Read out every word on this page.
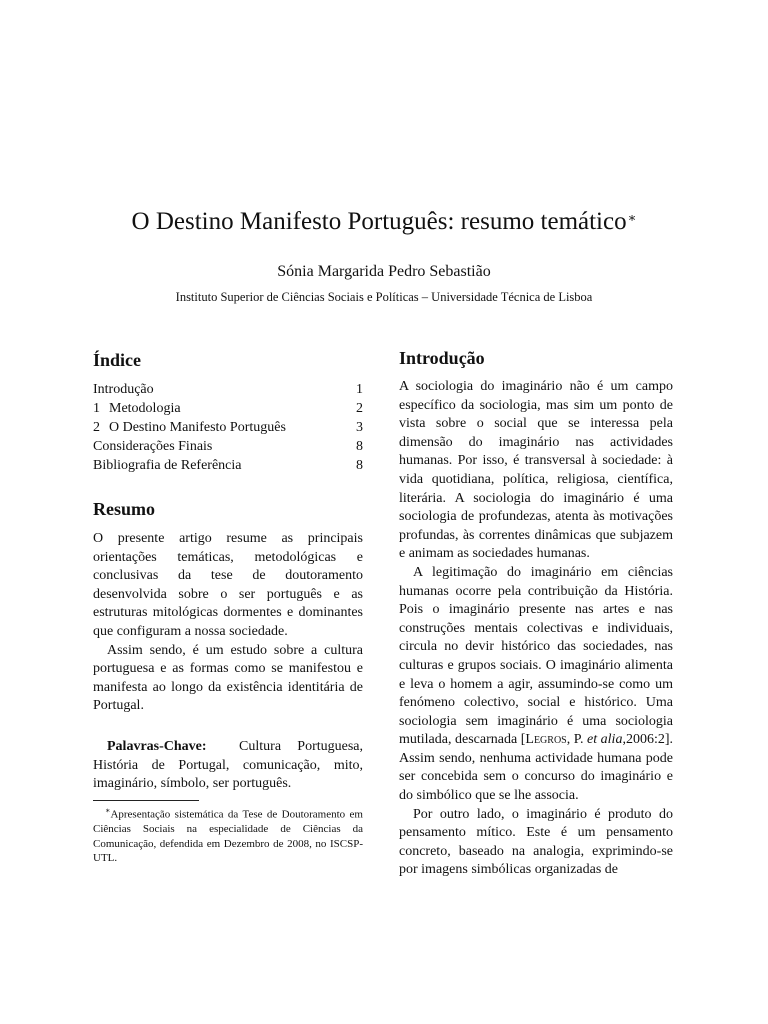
O Destino Manifesto Português: resumo temático∗
Sónia Margarida Pedro Sebastião
Instituto Superior de Ciências Sociais e Políticas – Universidade Técnica de Lisboa
Índice
Introdução	1
1 Metodologia	2
2 O Destino Manifesto Português	3
Considerações Finais	8
Bibliografia de Referência	8
Resumo

O presente artigo resume as principais orientações temáticas, metodológicas e conclusivas da tese de doutoramento desenvolvida sobre o ser português e as estruturas mitológicas dormentes e dominantes que configuram a nossa sociedade.

Assim sendo, é um estudo sobre a cultura portuguesa e as formas como se manifestou e manifesta ao longo da existência identitária de Portugal.

Palavras-Chave: Cultura Portuguesa, História de Portugal, comunicação, mito, imaginário, símbolo, ser português.

∗Apresentação sistemática da Tese de Doutoramento em Ciências Sociais na especialidade de Ciências da Comunicação, defendida em Dezembro de 2008, no ISCSP-UTL.
Introdução

A sociologia do imaginário não é um campo específico da sociologia, mas sim um ponto de vista sobre o social que se interessa pela dimensão do imaginário nas actividades humanas. Por isso, é transversal à sociedade: à vida quotidiana, política, religiosa, científica, literária. A sociologia do imaginário é uma sociologia de profundezas, atenta às motivações profundas, às correntes dinâmicas que subjazem e animam as sociedades humanas.

A legitimação do imaginário em ciências humanas ocorre pela contribuição da História. Pois o imaginário presente nas artes e nas construções mentais colectivas e individuais, circula no devir histórico das sociedades, nas culturas e grupos sociais. O imaginário alimenta e leva o homem a agir, assumindo-se como um fenómeno colectivo, social e histórico. Uma sociologia sem imaginário é uma sociologia mutilada, descarnada [Legros, P. et alia,2006:2]. Assim sendo, nenhuma actividade humana pode ser concebida sem o concurso do imaginário e do simbólico que se lhe associa.

Por outro lado, o imaginário é produto do pensamento mítico. Este é um pensamento concreto, baseado na analogia, exprimindo-se por imagens simbólicas organizadas de
